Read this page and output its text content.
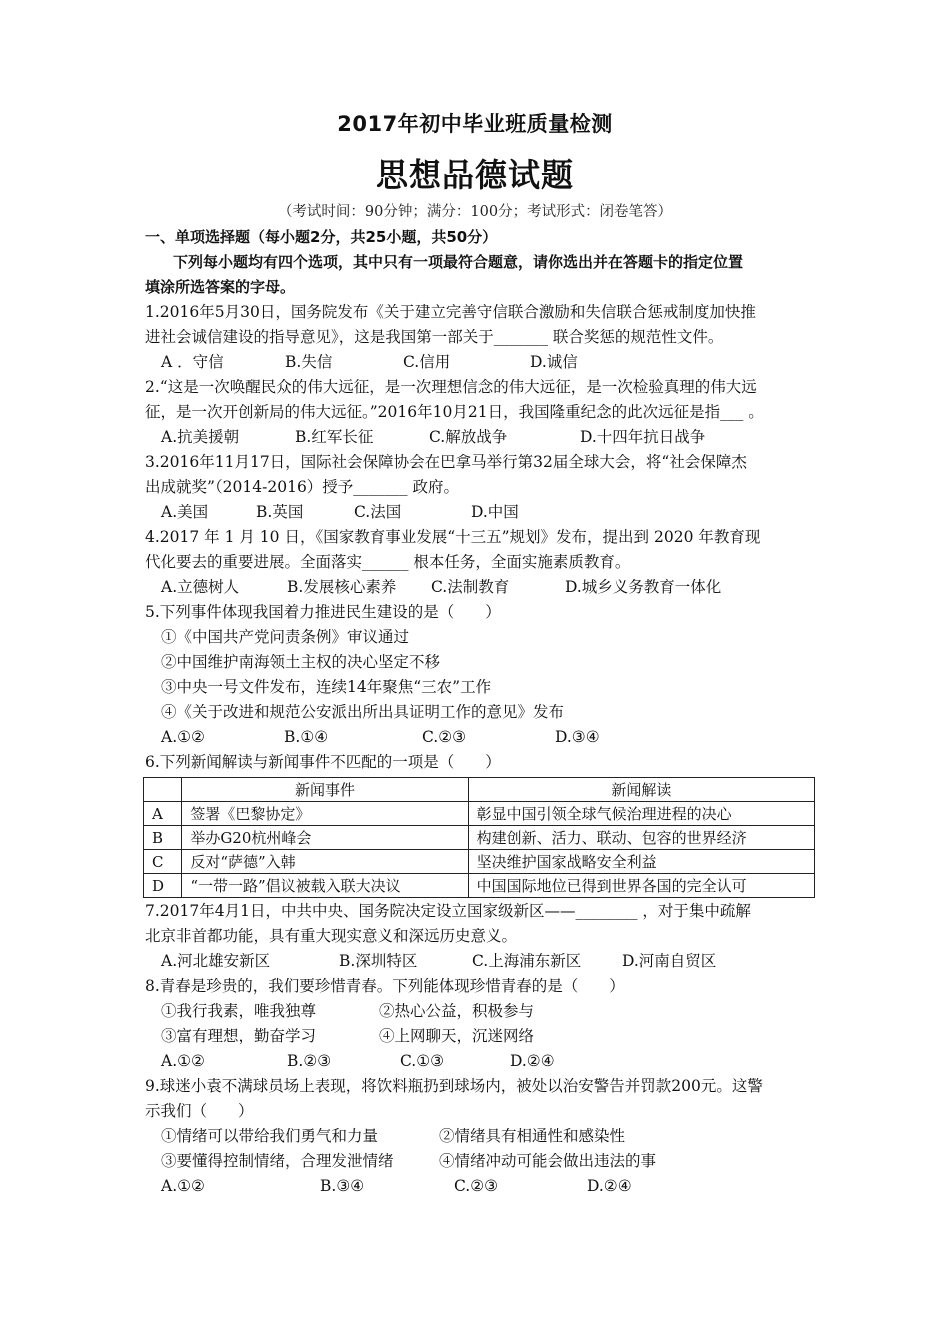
2017年初中毕业班质量检测
思想品德试题
（考试时间：90分钟；满分：100分；考试形式：闭卷笔答）
一、单项选择题（每小题2分，共25小题，共50分）
下列每小题均有四个选项，其中只有一项最符合题意，请你选出并在答题卡的指定位置
填涂所选答案的字母。
1.2016年5月30日，国务院发布《关于建立完善守信联合激励和失信联合惩戒制度加快推
进社会诚信建设的指导意见》，这是我国第一部关于_______ 联合奖惩的规范性文件。
A ．守信	B.失信	C.信用	D.诚信
2.“这是一次唤醒民众的伟大远征，是一次理想信念的伟大远征，是一次检验真理的伟大远
征，是一次开创新局的伟大远征。”2016年10月21日，我国隆重纪念的此次远征是指___ 。
A.抗美援朝	B.红军长征	C.解放战争	D.十四年抗日战争
3.2016年11月17日，国际社会保障协会在巴拿马举行第32届全球大会，将“社会保障杰
出成就奖”（2014-2016）授予_______ 政府。
A.美国	B.英国	C.法国	D.中国
4.2017 年 1 月 10 日，《国家教育事业发展“十三五”规划》发布，提出到 2020 年教育现
代化要去的重要进展。全面落实______ 根本任务，全面实施素质教育。
A.立德树人	B.发展核心素养	C.法制教育	D.城乡义务教育一体化
5.下列事件体现我国着力推进民生建设的是（　　）
①《中国共产党问责条例》审议通过
②中国维护南海领土主权的决心坚定不移
③中央一号文件发布，连续14年聚焦“三农”工作
④《关于改进和规范公安派出所出具证明工作的意见》发布
A.①②	B.①④	C.②③	D.③④
6.下列新闻解读与新闻事件不匹配的一项是（　　）
	新闻事件	新闻解读
A	签署《巴黎协定》	彰显中国引领全球气候治理进程的决心
B	举办G20杭州峰会	构建创新、活力、联动、包容的世界经济
C	反对“萨德”入韩	坚决维护国家战略安全利益
D	“一带一路”倡议被载入联大决议	中国国际地位已得到世界各国的完全认可
7.2017年4月1日，中共中央、国务院决定设立国家级新区——________ ，对于集中疏解
北京非首都功能，具有重大现实意义和深远历史意义。
A.河北雄安新区	B.深圳特区	C.上海浦东新区	D.河南自贸区
8.青春是珍贵的，我们要珍惜青春。下列能体现珍惜青春的是（　　）
①我行我素，唯我独尊	②热心公益，积极参与
③富有理想，勤奋学习	④上网聊天，沉迷网络
A.①②	B.②③	C.①③	D.②④
9.球迷小袁不满球员场上表现，将饮料瓶扔到球场内，被处以治安警告并罚款200元。这警
示我们（　　）
①情绪可以带给我们勇气和力量	②情绪具有相通性和感染性
③要懂得控制情绪，合理发泄情绪	④情绪冲动可能会做出违法的事
A.①②	B.③④	C.②③	D.②④
